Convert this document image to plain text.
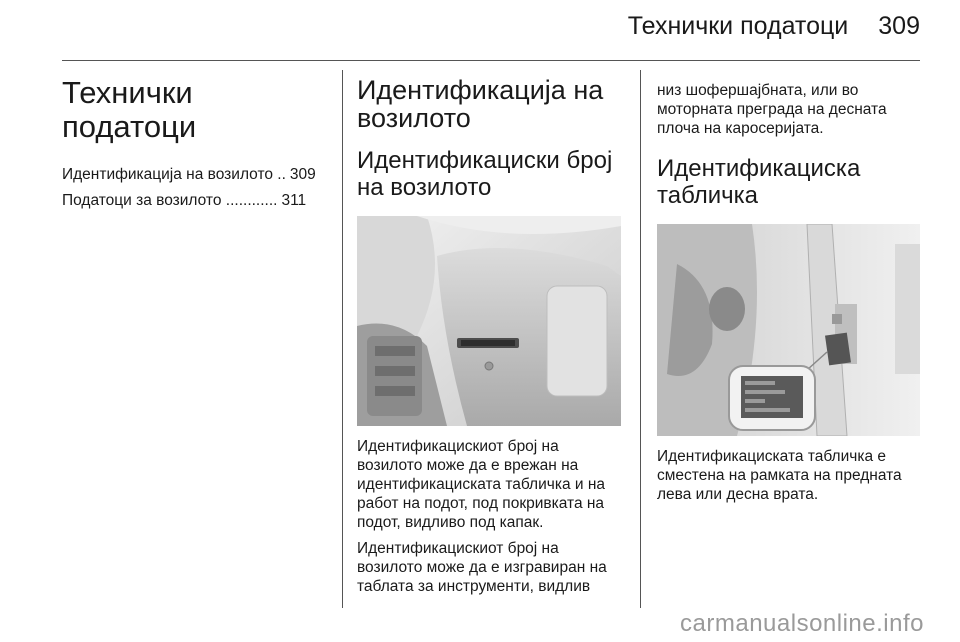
Технички податоци 309
Технички податоци
Идентификација на возилото .. 309
Податоци за возилото ............ 311
Идентификација на возилото
Идентификациски број на возилото

Идентификацискиот број на возилото може да е врежан на идентификациската табличка и на работ на подот, под покривката на подот, видливо под капак.

Идентификацискиот број на возилото може да е изгравиран на таблата за инструменти, видлив

низ шофершајбната, или во моторната преграда на десната плоча на каросеријата.

Идентификациска табличка

Идентификациската табличка е сместена на рамката на предната лева или десна врата.

carmanualsonline.info
